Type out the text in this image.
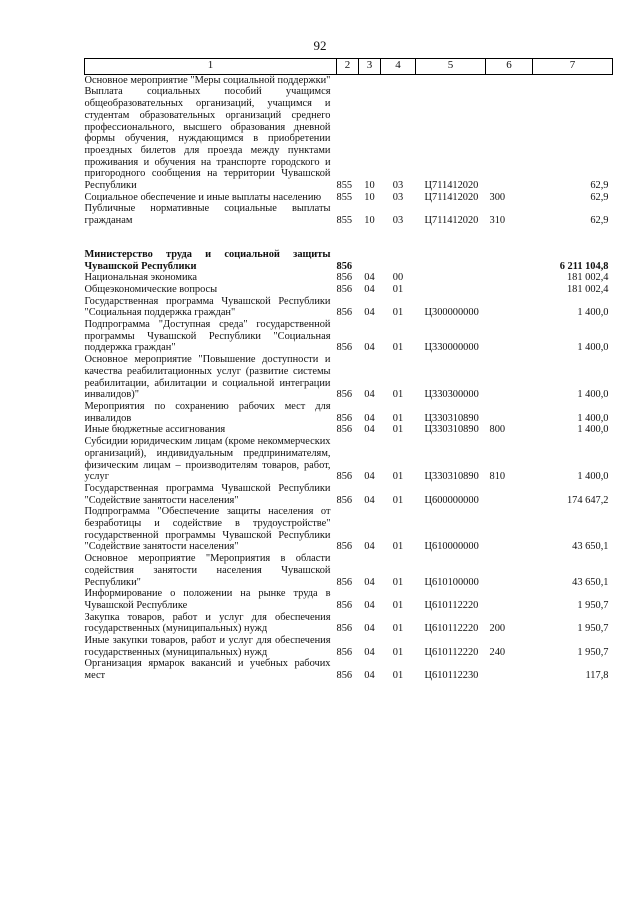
92
1	2	3	4	5	6	7
Основное мероприятие "Меры социальной поддержки"						
Выплата социальных пособий учащимся общеобразовательных организаций, учащимся и студентам образовательных организаций среднего профессионального, высшего образования дневной формы обучения, нуждающимся в приобретении проездных билетов для проезда между пунктами проживания и обучения на транспорте городского и пригородного сообщения на территории Чувашской Республики	855	10	03	Ц711412020		62,9
Социальное обеспечение и иные выплаты населению	855	10	03	Ц711412020	300	62,9
Публичные нормативные социальные выплаты гражданам	855	10	03	Ц711412020	310	62,9

Министерство труда и социальной защиты Чувашской Республики	856					6 211 104,8
Национальная экономика	856	04	00			181 002,4
Общеэкономические вопросы	856	04	01			181 002,4
Государственная программа Чувашской Республики "Социальная поддержка граждан"	856	04	01	Ц300000000		1 400,0
Подпрограмма "Доступная среда" государственной программы Чувашской Республики "Социальная поддержка граждан"	856	04	01	Ц330000000		1 400,0
Основное мероприятие "Повышение доступности и качества реабилитационных услуг (развитие системы реабилитации, абилитации и социальной интеграции инвалидов)"	856	04	01	Ц330300000		1 400,0
Мероприятия по сохранению рабочих мест для инвалидов	856	04	01	Ц330310890		1 400,0
Иные бюджетные ассигнования	856	04	01	Ц330310890	800	1 400,0
Субсидии юридическим лицам (кроме некоммерческих организаций), индивидуальным предпринимателям, физическим лицам – производителям товаров, работ, услуг	856	04	01	Ц330310890	810	1 400,0
Государственная программа Чувашской Республики "Содействие занятости населения"	856	04	01	Ц600000000		174 647,2
Подпрограмма "Обеспечение защиты населения от безработицы и содействие в трудоустройстве" государственной программы Чувашской Республики "Содействие занятости населения"	856	04	01	Ц610000000		43 650,1
Основное мероприятие "Мероприятия в области содействия занятости населения Чувашской Республики"	856	04	01	Ц610100000		43 650,1
Информирование о положении на рынке труда в Чувашской Республике	856	04	01	Ц610112220		1 950,7
Закупка товаров, работ и услуг для обеспечения государственных (муниципальных) нужд	856	04	01	Ц610112220	200	1 950,7
Иные закупки товаров, работ и услуг для обеспечения государственных (муниципальных) нужд	856	04	01	Ц610112220	240	1 950,7
Организация ярмарок вакансий и учебных рабочих мест	856	04	01	Ц610112230		117,8
